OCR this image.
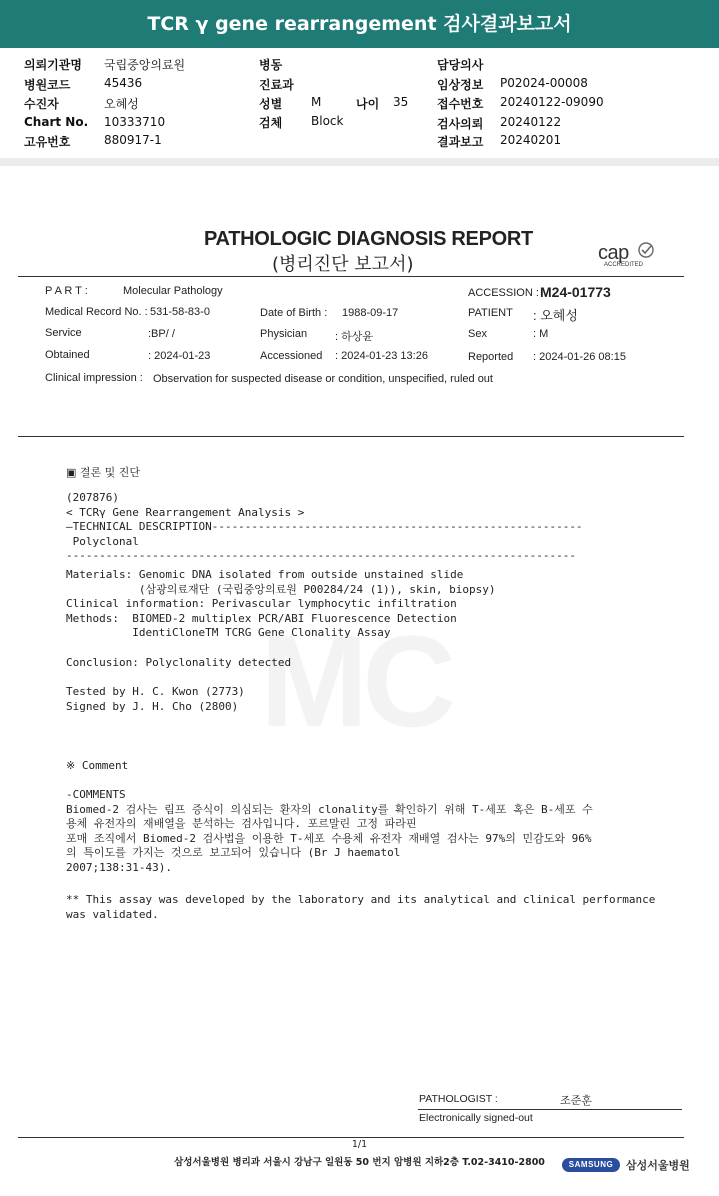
TCR γ gene rearrangement 검사결과보고서
의뢰기관명 국립중앙의료원
병원코드	45436
수진자	오혜성
Chart No. 10333710
고유번호	880917-1
병동
진료과
성별 M	나이 35
검체 Block
담당의사
임상정보 P02024-00008
접수번호 20240122-09090
검사의뢰 20240122
결과보고 20240201
PATHOLOGIC DIAGNOSIS REPORT
(병리진단 보고서)
cap
ACCREDITED
P A R T :	Molecular Pathology	ACCESSION : M24-01773
Medical Record No. : 531-58-83-0	Date of Birth : 1988-09-17	PATIENT : 오혜성
Service	:BP/ /	Physician	: 하상윤	Sex	: M
Obtained	: 2024-01-23	Accessioned : 2024-01-23 13:26	Reported : 2024-01-26 08:15
Clinical impression : Observation for suspected disease or condition, unspecified, ruled out
▣ 결론 및 진단
(207876)
< TCRγ Gene Rearrangement Analysis >
—TECHNICAL DESCRIPTION--------------------------------------------------------
Polyclonal
-----------------------------------------------------------------------------
Materials: Genomic DNA isolated from outside unstained slide
(삼광의료재단 (국립중앙의료원 P00284/24 (1)), skin, biopsy)
Clinical information: Perivascular lymphocytic infiltration
Methods:  BIOMED-2 multiplex PCR/ABI Fluorescence Detection
IdentiCloneTM TCRG Gene Clonality Assay
Conclusion: Polyclonality detected
Tested by H. C. Kwon (2773)
Signed by J. H. Cho (2800)
※ Comment
-COMMENTS
Biomed-2 검사는 림프 증식이 의심되는 환자의 clonality를 확인하기 위해 T-세포 혹은 B-세포 수
용체 유전자의 재배열을 분석하는 검사입니다. 포르말린 고정 파라핀
포매 조직에서 Biomed-2 검사법을 이용한 T-세포 수용체 유전자 재배열 검사는 97%의 민감도와 96%
의 특이도를 가지는 것으로 보고되어 있습니다 (Br J haematol
2007;138:31-43).
** This assay was developed by the laboratory and its analytical and clinical performance
was validated.
PATHOLOGIST :	조준훈
Electronically signed-out
1/1
삼성서울병원 병리과 서울시 강남구 일원동 50 번지 암병원 지하2층 T.02-3410-2800	SAMSUNG	삼성서울병원
